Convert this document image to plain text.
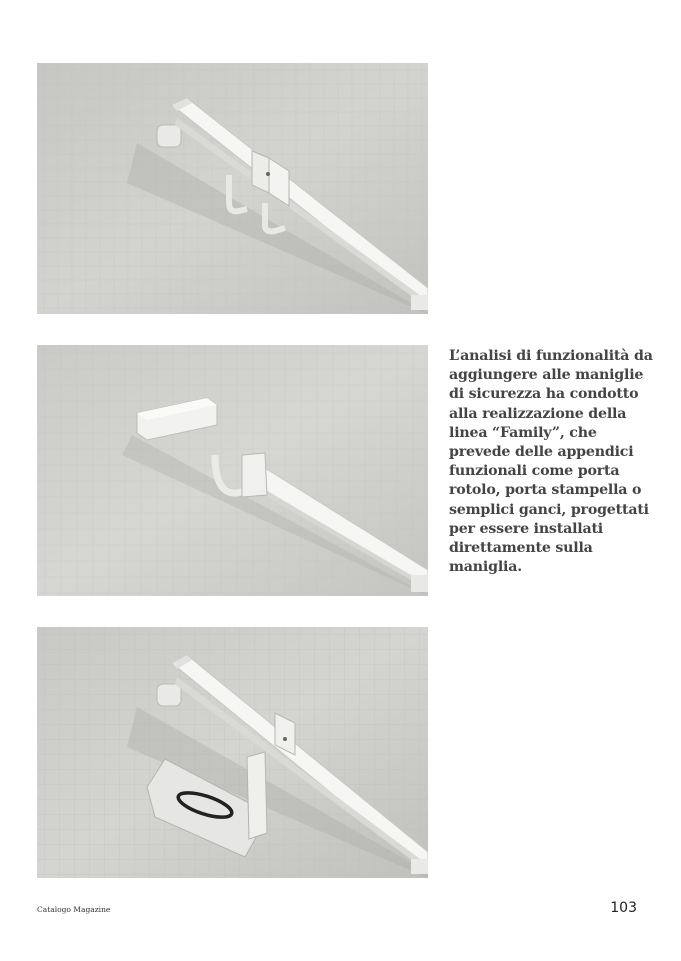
L’analisi di funzionalità da
aggiungere alle maniglie
di sicurezza ha condotto
alla realizzazione della
linea “Family”, che
prevede delle appendici
funzionali come porta
rotolo, porta stampella o
semplici ganci, progettati
per essere installati
direttamente sulla
maniglia.
Catalogo Magazine	103
